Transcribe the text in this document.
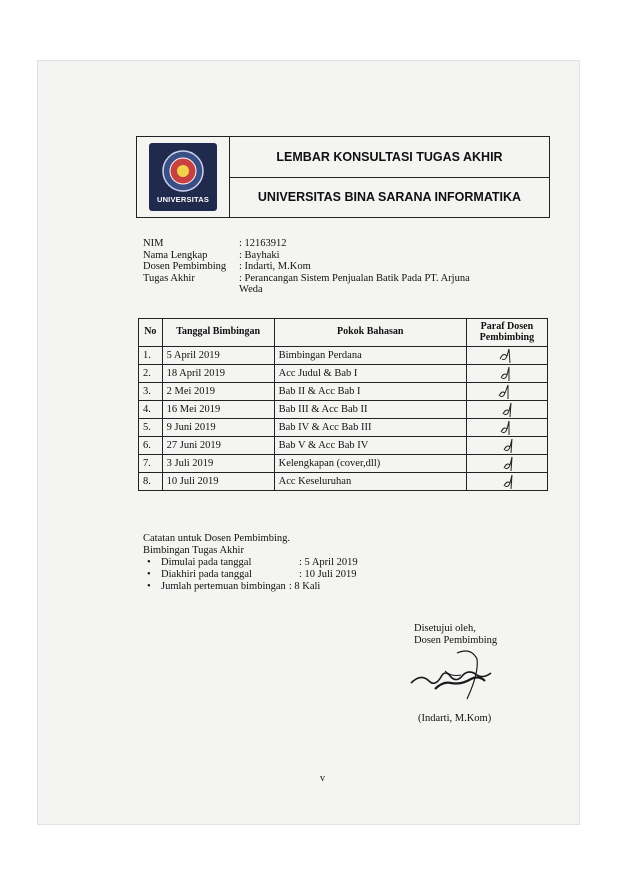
UNIVERSITAS
LEMBAR KONSULTASI TUGAS AKHIR
UNIVERSITAS BINA SARANA INFORMATIKA
NIM	: 12163912
Nama Lengkap	: Bayhaki
Dosen Pembimbing	: Indarti, M.Kom
Tugas Akhir	: Perancangan Sistem Penjualan Batik Pada PT. Arjuna Weda
No	Tanggal Bimbingan	Pokok Bahasan	Paraf Dosen Pembimbing
1.	5 April 2019	Bimbingan Perdana	

2.	18 April 2019	Acc Judul & Bab I	

3.	2 Mei 2019	Bab II & Acc Bab I	

4.	16 Mei 2019	Bab III & Acc Bab II	

5.	9 Juni 2019	Bab IV & Acc Bab III	

6.	27 Juni 2019	Bab V & Acc Bab IV	

7.	3 Juli 2019	Kelengkapan (cover,dll)	

8.	10 Juli 2019	Acc Keseluruhan	
Catatan untuk Dosen Pembimbing.
Bimbingan Tugas Akhir
• Dimulai pada tanggal	: 5 April 2019
• Diakhiri pada tanggal	: 10 Juli 2019
• Jumlah pertemuan bimbingan : 8 Kali
Disetujui oleh,
Dosen Pembimbing
(Indarti, M.Kom)
v
